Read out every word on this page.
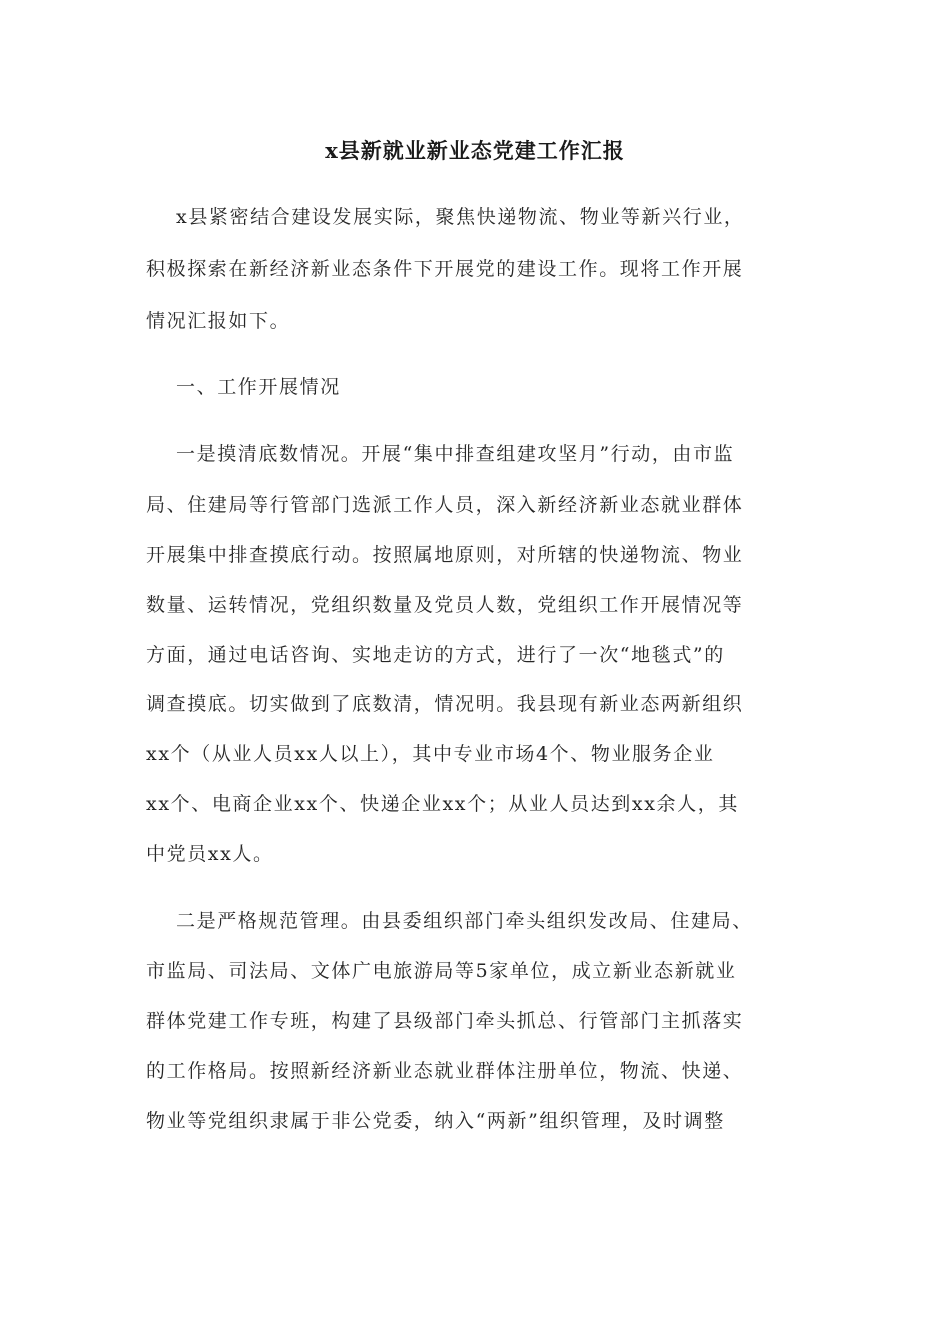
x县新就业新业态党建工作汇报
x县紧密结合建设发展实际，聚焦快递物流、物业等新兴行业，
积极探索在新经济新业态条件下开展党的建设工作。现将工作开展
情况汇报如下。
一、工作开展情况
一是摸清底数情况。开展“集中排查组建攻坚月”行动，由市监
局、住建局等行管部门选派工作人员，深入新经济新业态就业群体
开展集中排查摸底行动。按照属地原则，对所辖的快递物流、物业
数量、运转情况，党组织数量及党员人数，党组织工作开展情况等
方面，通过电话咨询、实地走访的方式，进行了一次“地毯式”的
调查摸底。切实做到了底数清，情况明。我县现有新业态两新组织
xx个（从业人员xx人以上），其中专业市场4个、物业服务企业
xx个、电商企业xx个、快递企业xx个；从业人员达到xx余人，其
中党员xx人。
二是严格规范管理。由县委组织部门牵头组织发改局、住建局、
市监局、司法局、文体广电旅游局等5家单位，成立新业态新就业
群体党建工作专班，构建了县级部门牵头抓总、行管部门主抓落实
的工作格局。按照新经济新业态就业群体注册单位，物流、快递、
物业等党组织隶属于非公党委，纳入“两新”组织管理，及时调整
